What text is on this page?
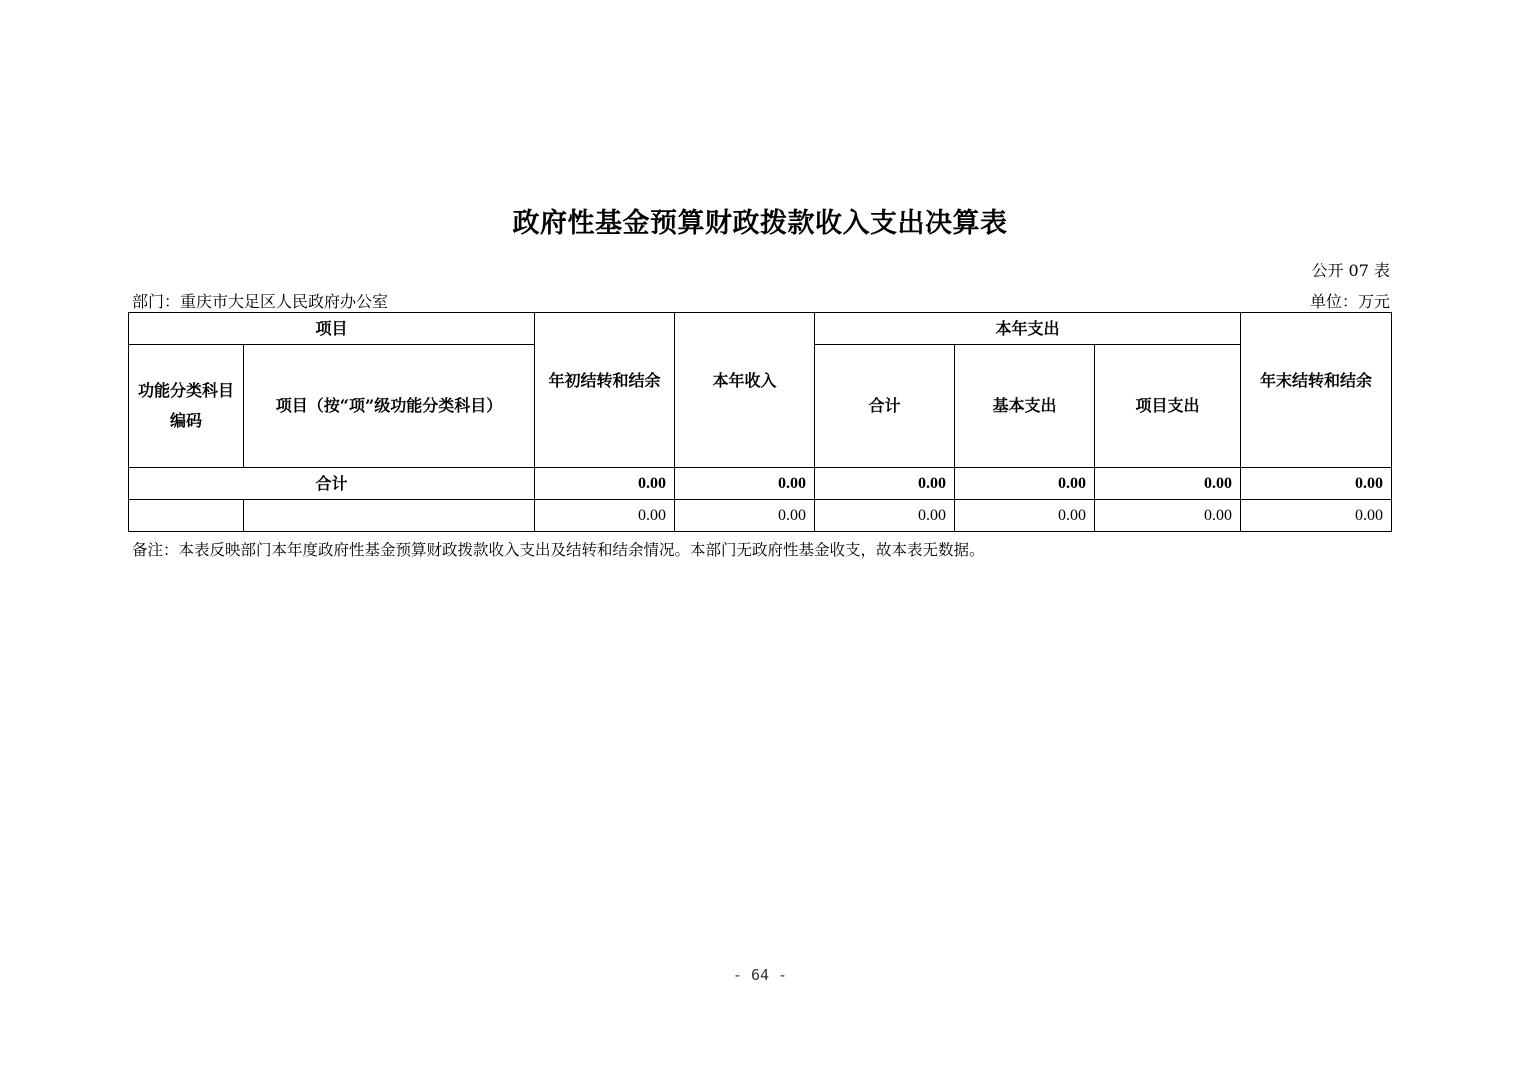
政府性基金预算财政拨款收入支出决算表
公开 07 表
部门：重庆市大足区人民政府办公室	单位：万元
项目		年初结转和结余	本年收入	本年支出			年末结转和结余

功能分类科目
编码	项目（按“项”级功能分类科目）			合计	基本支出	项目支出	
合计		0.00	0.00	0.00	0.00	0.00	0.00
		0.00	0.00	0.00	0.00	0.00	0.00
备注：本表反映部门本年度政府性基金预算财政拨款收入支出及结转和结余情况。本部门无政府性基金收支，故本表无数据。
- 64 -
